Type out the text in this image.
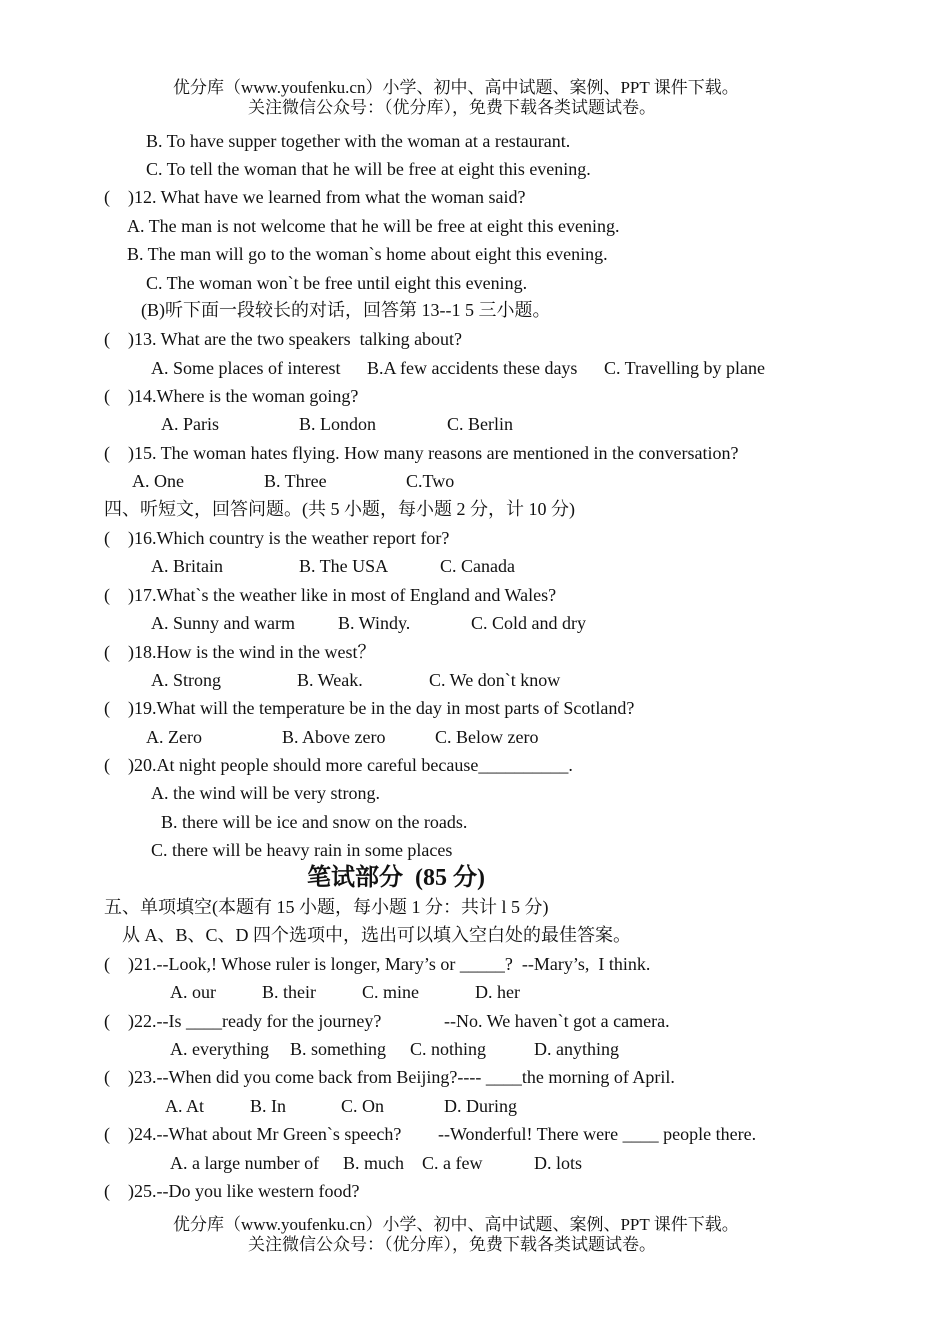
优分库（www.youfenku.cn）小学、初中、高中试题、案例、PPT 课件下载。
关注微信公众号：（优分库），免费下载各类试题试卷。
B. To have supper together with the woman at a restaurant.
C. To tell the woman that he will be free at eight this evening.
(    )12. What have we learned from what the woman said?
A. The man is not welcome that he will be free at eight this evening.
B. The man will go to the woman`s home about eight this evening.
C. The woman won`t be free until eight this evening.
(B)听下面一段较长的对话，回答第 13--1 5 三小题。
(    )13. What are the two speakers  talking about?
A. Some places of interest B.A few accidents these days C. Travelling by plane
(    )14.Where is the woman going?
A. Paris	B. London	C. Berlin
(    )15. The woman hates flying. How many reasons are mentioned in the conversation?
A. One	B. Three	C.Two
四、听短文，回答问题。(共 5 小题，每小题 2 分，计 10 分)
(    )16.Which country is the weather report for?
A. Britain	B. The USA	C. Canada
(    )17.What`s the weather like in most of England and Wales?
A. Sunny and warm B. Windy.	C. Cold and dry
(    )18.How is the wind in the west？
A. Strong	B. Weak.	C. We don`t know
(    )19.What will the temperature be in the day in most parts of Scotland?
A. Zero	B. Above zero	C. Below zero
(    )20.At night people should more careful because__________.
A. the wind will be very strong.
B. there will be ice and snow on the roads.
C. there will be heavy rain in some places
笔试部分  (85 分)
五、单项填空(本题有 15 小题，每小题 1 分：共计 l 5 分)
从 A、B、C、D 四个选项中，选出可以填入空白处的最佳答案。
(    )21.--Look,! Whose ruler is longer, Mary’s or _____?  --Mary’s,  I think.
A. our	B. their	C. mine	D. her
(    )22.--Is ____ready for the journey?	--No. We haven`t got a camera.
A. everything B. something C. nothing	D. anything
(    )23.--When did you come back from Beijing?---- ____the morning of April.
A. At	B. In	C. On	D. During
(    )24.--What about Mr Green`s speech? --Wonderful! There were ____ people there.
A. a large number of B. much C. a few	D. lots
(    )25.--Do you like western food?
优分库（www.youfenku.cn）小学、初中、高中试题、案例、PPT 课件下载。
关注微信公众号：（优分库），免费下载各类试题试卷。
